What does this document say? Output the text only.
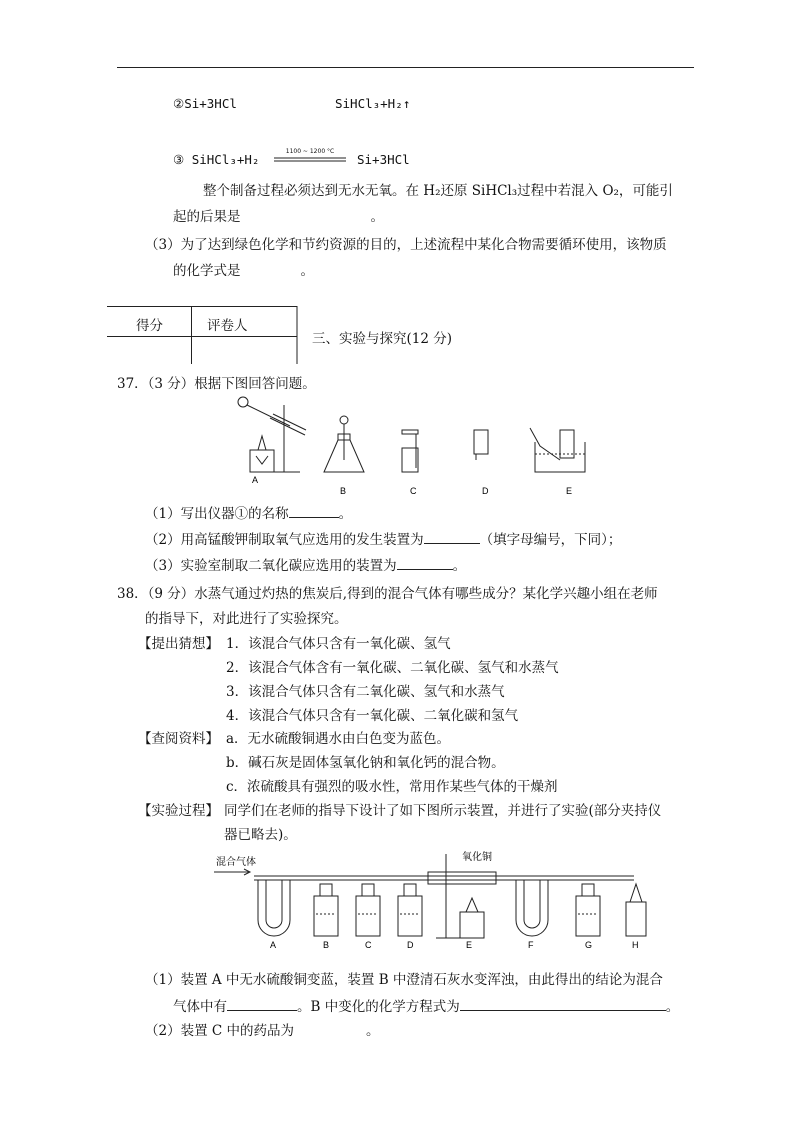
②Si+3HCl	SiHCl₃+H₂↑
③ SiHCl₃+H₂
1100 ~ 1200 °C
Si+3HCl
整个制备过程必须达到无水无氧。在 H₂还原 SiHCl₃过程中若混入 O₂，可能引
起的后果是	。
（3）为了达到绿色化学和节约资源的目的，上述流程中某化合物需要循环使用，该物质
的化学式是	。
得分	评卷人
三、实验与探究(12 分)
37．（3 分）根据下图回答问题。
A
B	C	D	E
（1）写出仪器①的名称	。
（2）用高锰酸钾制取氧气应选用的发生装置为	（填字母编号，下同）；
（3）实验室制取二氧化碳应选用的装置为	。
38．（9 分）水蒸气通过灼热的焦炭后,得到的混合气体有哪些成分？某化学兴趣小组在老师
的指导下，对此进行了实验探究。
【提出猜想】 1．该混合气体只含有一氧化碳、氢气
2．该混合气体含有一氧化碳、二氧化碳、氢气和水蒸气
3．该混合气体只含有二氧化碳、氢气和水蒸气
4．该混合气体只含有一氧化碳、二氧化碳和氢气
【查阅资料】 a．无水硫酸铜遇水由白色变为蓝色。
b．碱石灰是固体氢氧化钠和氧化钙的混合物。
c．浓硫酸具有强烈的吸水性，常用作某些气体的干燥剂
【实验过程】 同学们在老师的指导下设计了如下图所示装置，并进行了实验(部分夹持仪
器已略去)。
混合气体	氧化铜
A	B	C	D	E	F	G	H
（1）装置 A 中无水硫酸铜变蓝，装置 B 中澄清石灰水变浑浊，由此得出的结论为混合
气体中有	。B 中变化的化学方程式为	。
（2）装置 C 中的药品为	。
